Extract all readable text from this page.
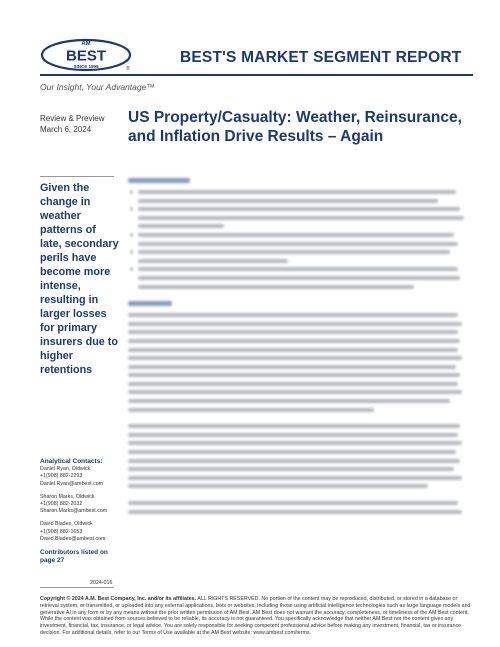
AM
BEST
SINCE 1899	®
BEST'S MARKET SEGMENT REPORT
Our Insight, Your Advantage™
Review & Preview
March 6, 2024
US Property/Casualty: Weather, Reinsurance, and Inflation Drive Results – Again
Given the change in weather patterns of late, secondary perils have become more intense, resulting in larger losses for primary insurers due to higher retentions
Analytical Contacts:
Daniel Ryan, Oldwick
+1(908) 882-2293
Daniel.Ryan@ambest.com
Sharon Marks, Oldwick
+1(908) 882-2032
Sharon.Marks@ambest.com
David Blades, Oldwick
+1(908) 882-1653
David.Blades@ambest.com
Contributors listed on page 27
2024-016
Copyright © 2024 A.M. Best Company, Inc. and/or its affiliates. ALL RIGHTS RESERVED. No portion of the content may be reproduced, distributed, or stored in a database or retrieval system, or transmitted, or uploaded into any external applications, bots or websites, including those using artificial intelligence technologies such as large language models and generative AI in any form or by any means without the prior written permission of AM Best. AM Best does not warrant the accuracy, completeness, or timeliness of the AM Best content. While the content was obtained from sources believed to be reliable, its accuracy is not guaranteed. You specifically acknowledge that neither AM Best nor the content gives any investment, financial, tax, insurance, or legal advice. You are solely responsible for seeking competent professional advice before making any investment, financial, tax or insurance decision. For additional details, refer to our Terms of Use available at the AM Best website: www.ambest.com/terms.
